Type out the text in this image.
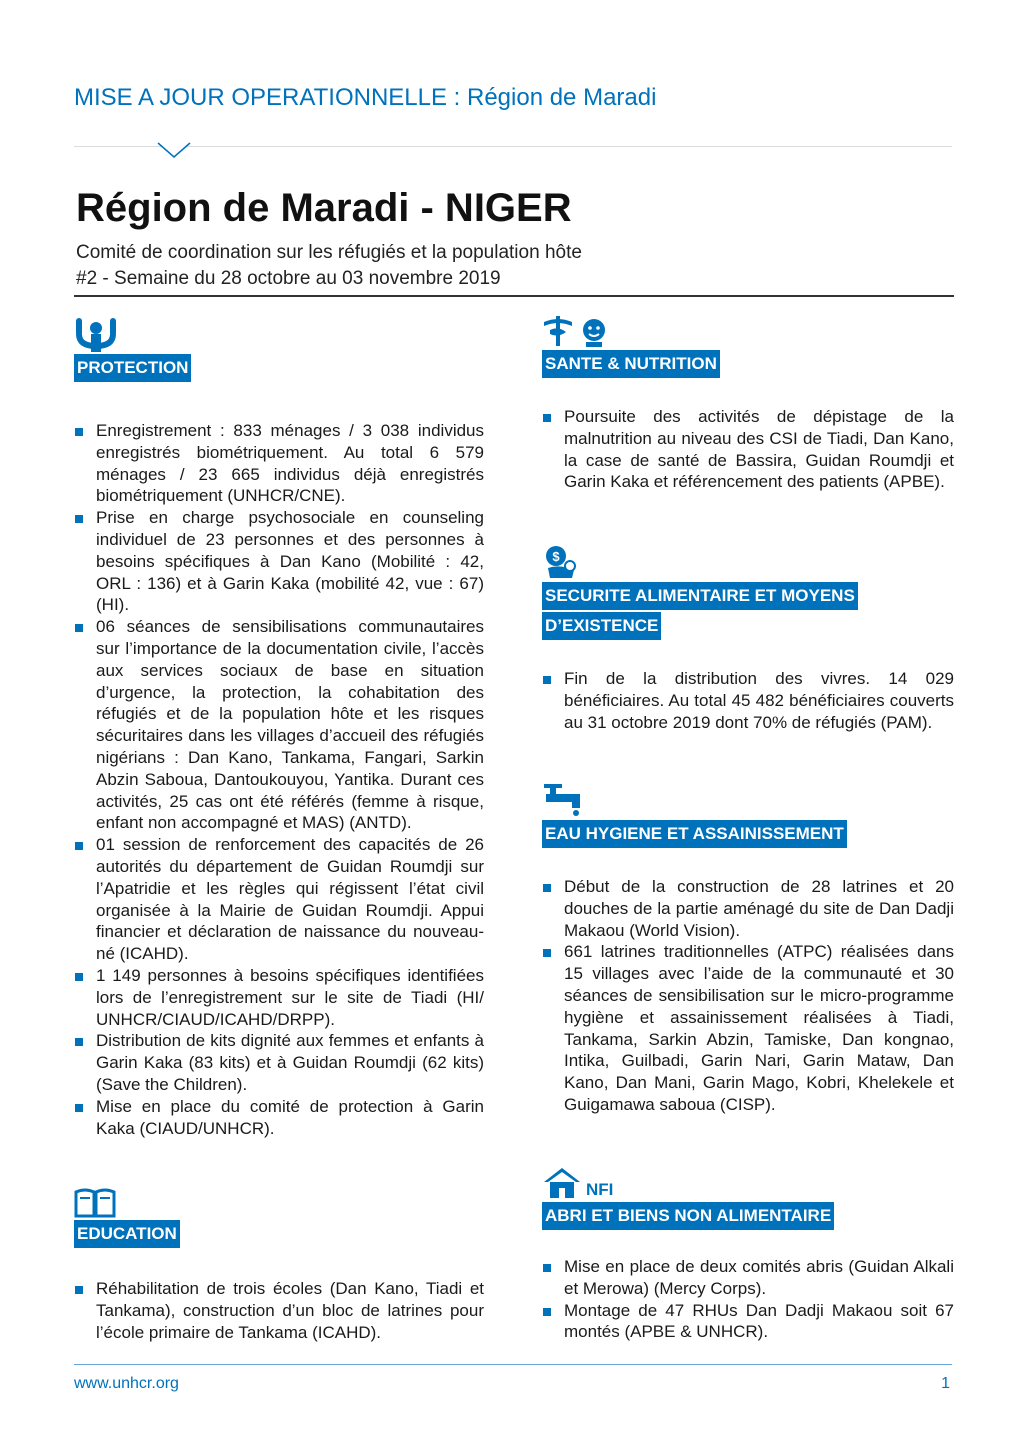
MISE A JOUR OPERATIONNELLE : Région de Maradi
Région de Maradi - NIGER
Comité de coordination sur les réfugiés et la population hôte
#2 - Semaine du 28 octobre au 03 novembre 2019
PROTECTION
Enregistrement : 833 ménages / 3 038 individus enregistrés biométriquement. Au total 6 579 ménages / 23 665 individus déjà enregistrés biométriquement (UNHCR/CNE).
Prise en charge psychosociale en counseling individuel de 23 personnes et des personnes à besoins spécifiques à Dan Kano (Mobilité : 42, ORL : 136) et à Garin Kaka (mobilité 42, vue : 67) (HI).
06 séances de sensibilisations communautaires sur l’importance de la documentation civile, l’accès aux services sociaux de base en situation d’urgence, la protection, la cohabitation des réfugiés et de la population hôte et les risques sécuritaires dans les villages d’accueil des réfugiés nigérians : Dan Kano, Tankama, Fangari, Sarkin Abzin Saboua, Dantoukouyou, Yantika. Durant ces activités, 25 cas ont été référés (femme à risque, enfant non accompagné et MAS) (ANTD).
01 session de renforcement des capacités de 26 autorités du département de Guidan Roumdji sur l’Apatridie et les règles qui régissent l’état civil organisée à la Mairie de Guidan Roumdji. Appui financier et déclaration de naissance du nouveau-né (ICAHD).
1 149 personnes à besoins spécifiques identifiées lors de l’enregistrement sur le site de Tiadi (HI/ UNHCR/CIAUD/ICAHD/DRPP).
Distribution de kits dignité aux femmes et enfants à Garin Kaka (83 kits) et à Guidan Roumdji (62 kits) (Save the Children).
Mise en place du comité de protection à Garin Kaka (CIAUD/UNHCR).
EDUCATION
Réhabilitation de trois écoles (Dan Kano, Tiadi et Tankama), construction d’un bloc de latrines pour l’école primaire de Tankama (ICAHD).
SANTE & NUTRITION
Poursuite des activités de dépistage de la malnutrition au niveau des CSI de Tiadi, Dan Kano, la case de santé de Bassira, Guidan Roumdji et Garin Kaka et référencement des patients (APBE).
$
SECURITE ALIMENTAIRE ET MOYENS
D’EXISTENCE
Fin de la distribution des vivres. 14 029 bénéficiaires. Au total 45 482 bénéficiaires couverts au 31 octobre 2019 dont 70% de réfugiés (PAM).
EAU HYGIENE ET ASSAINISSEMENT
Début de la construction de 28 latrines et 20 douches de la partie aménagé du site de Dan Dadji Makaou (World Vision).
661 latrines traditionnelles (ATPC) réalisées dans 15 villages avec l’aide de la communauté et 30 séances de sensibilisation sur le micro-programme hygiène et assainissement réalisées à Tiadi, Tankama, Sarkin Abzin, Tamiske, Dan kongnao, Intika, Guilbadi, Garin Nari, Garin Mataw, Dan Kano, Dan Mani, Garin Mago, Kobri, Khelekele et Guigamawa saboua (CISP).
NFI
ABRI ET BIENS NON ALIMENTAIRE
Mise en place de deux comités abris (Guidan Alkali et Merowa) (Mercy Corps).
Montage de 47 RHUs Dan Dadji Makaou soit 67 montés (APBE & UNHCR).
www.unhcr.org	1
